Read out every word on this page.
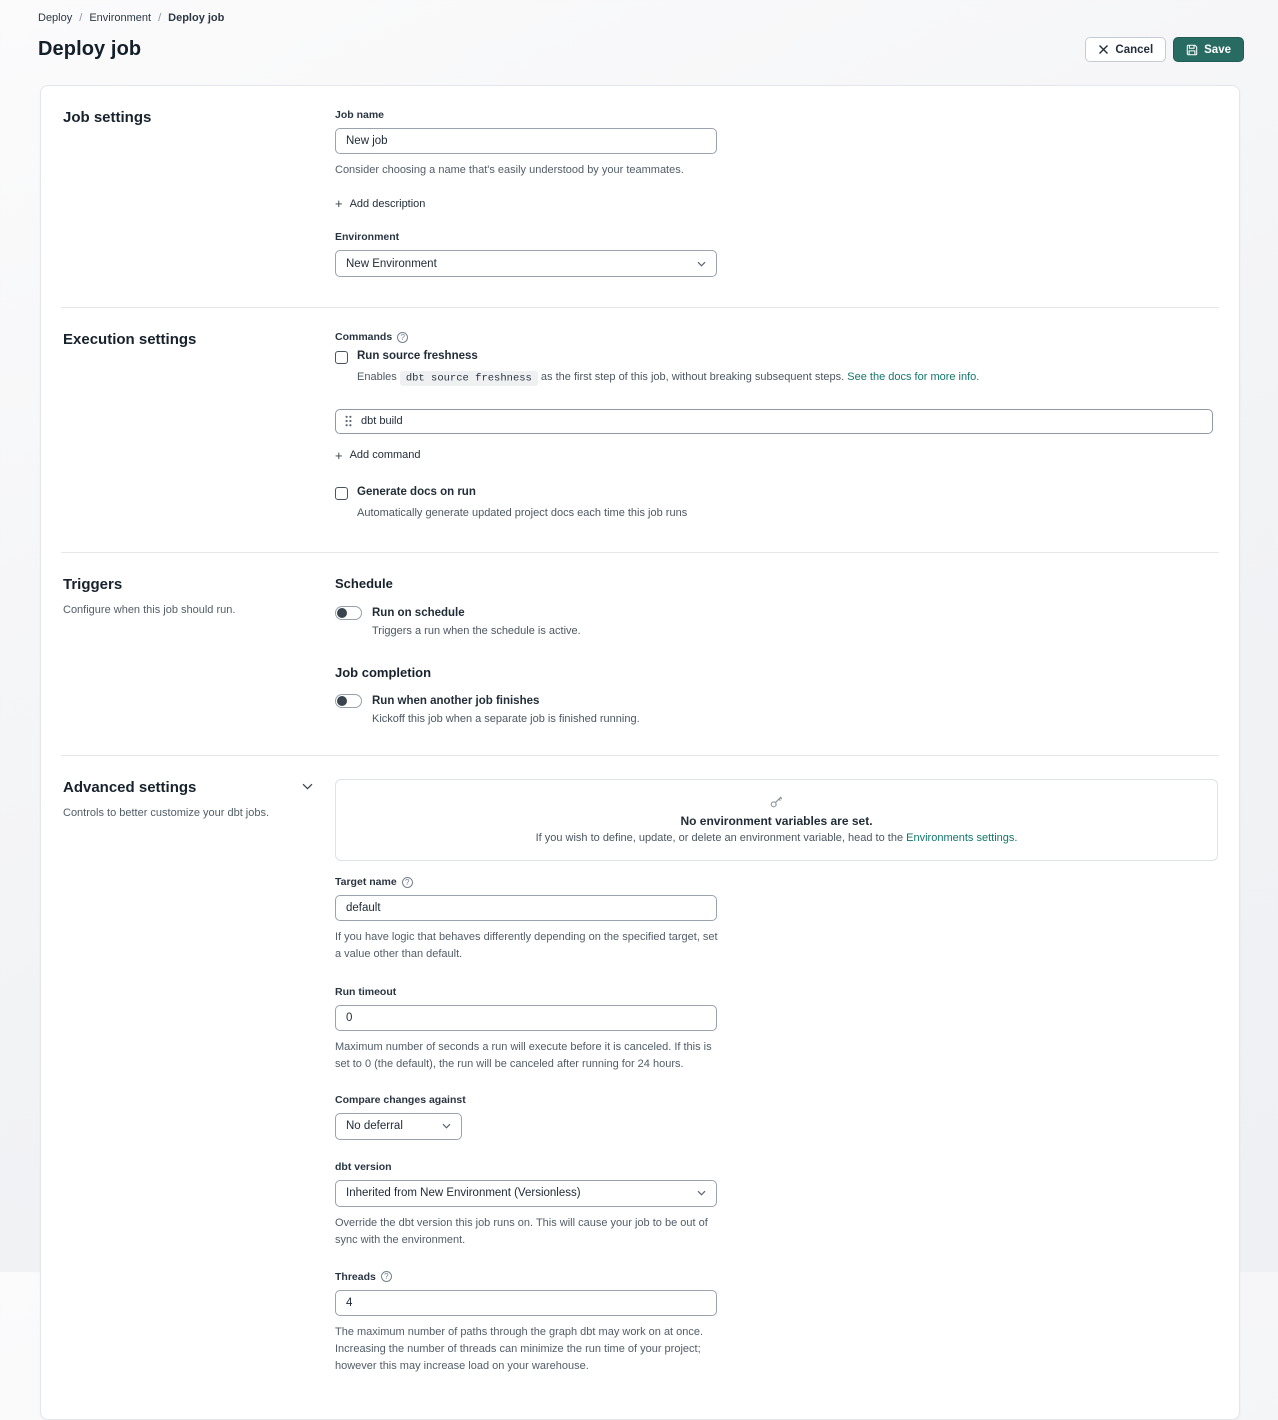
Deploy / Environment / Deploy job
Deploy job	Cancel	Save
Job settings	Job name
New job
Consider choosing a name that's easily understood by your teammates.
+ Add description
Environment
New Environment
Execution settings	Commands	?
Run source freshness
Enables dbt source freshness as the first step of this job, without breaking subsequent steps. See the docs for more info.
dbt build
+ Add command
Generate docs on run
Automatically generate updated project docs each time this job runs
Triggers
Configure when this job should run.
Schedule
Run on schedule
Triggers a run when the schedule is active.
Job completion
Run when another job finishes
Kickoff this job when a separate job is finished running.
Advanced settings
Controls to better customize your dbt jobs.
No environment variables are set.
If you wish to define, update, or delete an environment variable, head to the Environments settings.
Target name	?
default
If you have logic that behaves differently depending on the specified target, set a value other than default.
Run timeout
0
Maximum number of seconds a run will execute before it is canceled. If this is set to 0 (the default), the run will be canceled after running for 24 hours.
Compare changes against
No deferral
dbt version
Inherited from New Environment (Versionless)
Override the dbt version this job runs on. This will cause your job to be out of sync with the environment.
Threads	?
4
The maximum number of paths through the graph dbt may work on at once. Increasing the number of threads can minimize the run time of your project; however this may increase load on your warehouse.
